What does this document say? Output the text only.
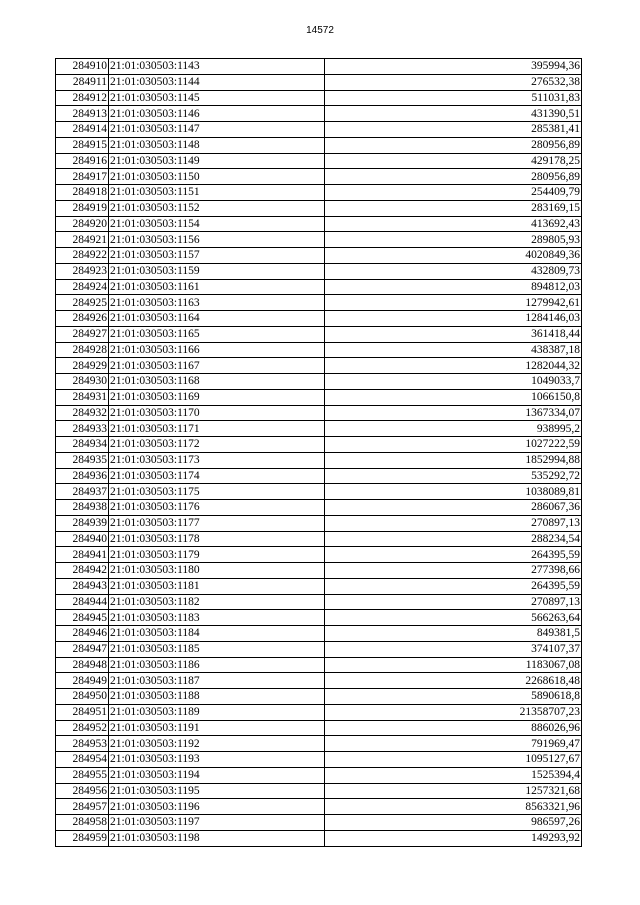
14572
284910	21:01:030503:1143	395994,36
284911	21:01:030503:1144	276532,38
284912	21:01:030503:1145	511031,83
284913	21:01:030503:1146	431390,51
284914	21:01:030503:1147	285381,41
284915	21:01:030503:1148	280956,89
284916	21:01:030503:1149	429178,25
284917	21:01:030503:1150	280956,89
284918	21:01:030503:1151	254409,79
284919	21:01:030503:1152	283169,15
284920	21:01:030503:1154	413692,43
284921	21:01:030503:1156	289805,93
284922	21:01:030503:1157	4020849,36
284923	21:01:030503:1159	432809,73
284924	21:01:030503:1161	894812,03
284925	21:01:030503:1163	1279942,61
284926	21:01:030503:1164	1284146,03
284927	21:01:030503:1165	361418,44
284928	21:01:030503:1166	438387,18
284929	21:01:030503:1167	1282044,32
284930	21:01:030503:1168	1049033,7
284931	21:01:030503:1169	1066150,8
284932	21:01:030503:1170	1367334,07
284933	21:01:030503:1171	938995,2
284934	21:01:030503:1172	1027222,59
284935	21:01:030503:1173	1852994,88
284936	21:01:030503:1174	535292,72
284937	21:01:030503:1175	1038089,81
284938	21:01:030503:1176	286067,36
284939	21:01:030503:1177	270897,13
284940	21:01:030503:1178	288234,54
284941	21:01:030503:1179	264395,59
284942	21:01:030503:1180	277398,66
284943	21:01:030503:1181	264395,59
284944	21:01:030503:1182	270897,13
284945	21:01:030503:1183	566263,64
284946	21:01:030503:1184	849381,5
284947	21:01:030503:1185	374107,37
284948	21:01:030503:1186	1183067,08
284949	21:01:030503:1187	2268618,48
284950	21:01:030503:1188	5890618,8
284951	21:01:030503:1189	21358707,23
284952	21:01:030503:1191	886026,96
284953	21:01:030503:1192	791969,47
284954	21:01:030503:1193	1095127,67
284955	21:01:030503:1194	1525394,4
284956	21:01:030503:1195	1257321,68
284957	21:01:030503:1196	8563321,96
284958	21:01:030503:1197	986597,26
284959	21:01:030503:1198	149293,92
